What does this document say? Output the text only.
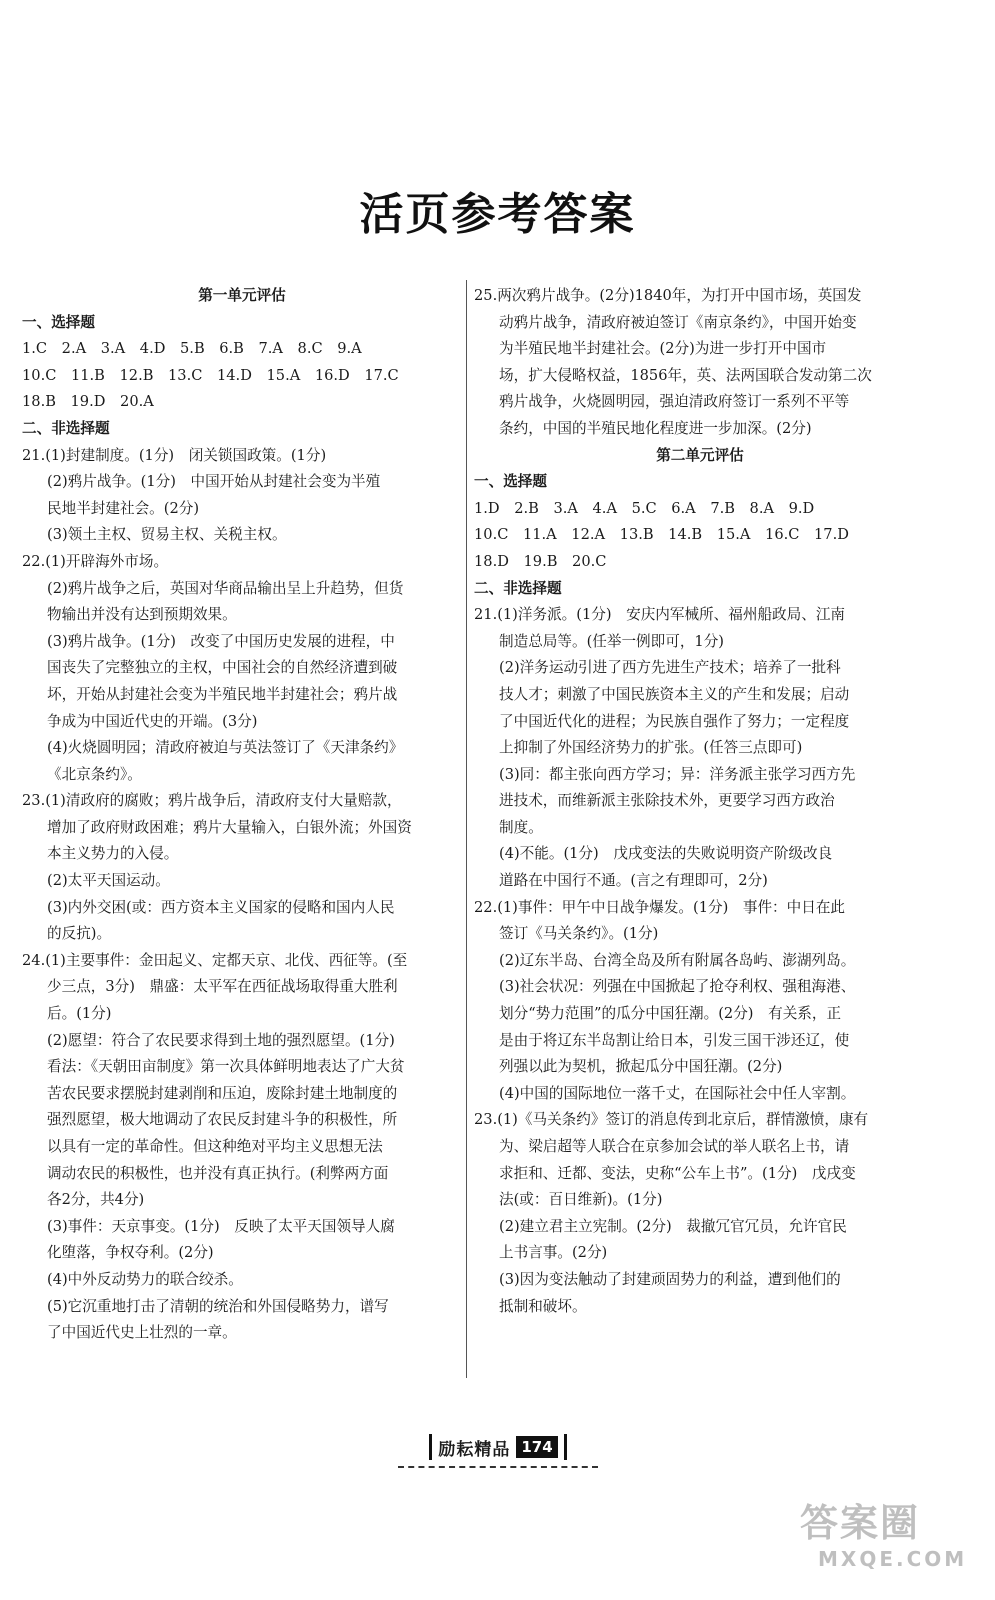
活页参考答案
第一单元评估
一、选择题
1.C　2.A　3.A　4.D　5.B　6.B　7.A　8.C　9.A
10.C　11.B　12.B　13.C　14.D　15.A　16.D　17.C
18.B　19.D　20.A
二、非选择题
21.(1)封建制度。(1分)　闭关锁国政策。(1分)
(2)鸦片战争。(1分)　中国开始从封建社会变为半殖
民地半封建社会。(2分)
(3)领土主权、贸易主权、关税主权。
22.(1)开辟海外市场。
(2)鸦片战争之后，英国对华商品输出呈上升趋势，但货
物输出并没有达到预期效果。
(3)鸦片战争。(1分)　改变了中国历史发展的进程，中
国丧失了完整独立的主权，中国社会的自然经济遭到破
坏，开始从封建社会变为半殖民地半封建社会；鸦片战
争成为中国近代史的开端。(3分)
(4)火烧圆明园；清政府被迫与英法签订了《天津条约》
《北京条约》。
23.(1)清政府的腐败；鸦片战争后，清政府支付大量赔款，
增加了政府财政困难；鸦片大量输入，白银外流；外国资
本主义势力的入侵。
(2)太平天国运动。
(3)内外交困(或：西方资本主义国家的侵略和国内人民
的反抗)。
24.(1)主要事件：金田起义、定都天京、北伐、西征等。(至
少三点，3分)　鼎盛：太平军在西征战场取得重大胜利
后。(1分)
(2)愿望：符合了农民要求得到土地的强烈愿望。(1分)
看法：《天朝田亩制度》第一次具体鲜明地表达了广大贫
苦农民要求摆脱封建剥削和压迫，废除封建土地制度的
强烈愿望，极大地调动了农民反封建斗争的积极性，所
以具有一定的革命性。但这种绝对平均主义思想无法
调动农民的积极性，也并没有真正执行。(利弊两方面
各2分，共4分)
(3)事件：天京事变。(1分)　反映了太平天国领导人腐
化堕落，争权夺利。(2分)
(4)中外反动势力的联合绞杀。
(5)它沉重地打击了清朝的统治和外国侵略势力，谱写
了中国近代史上壮烈的一章。
25.两次鸦片战争。(2分)1840年，为打开中国市场，英国发
动鸦片战争，清政府被迫签订《南京条约》，中国开始变
为半殖民地半封建社会。(2分)为进一步打开中国市
场，扩大侵略权益，1856年，英、法两国联合发动第二次
鸦片战争，火烧圆明园，强迫清政府签订一系列不平等
条约，中国的半殖民地化程度进一步加深。(2分)
第二单元评估
一、选择题
1.D　2.B　3.A　4.A　5.C　6.A　7.B　8.A　9.D
10.C　11.A　12.A　13.B　14.B　15.A　16.C　17.D
18.D　19.B　20.C
二、非选择题
21.(1)洋务派。(1分)　安庆内军械所、福州船政局、江南
制造总局等。(任举一例即可，1分)
(2)洋务运动引进了西方先进生产技术；培养了一批科
技人才；刺激了中国民族资本主义的产生和发展；启动
了中国近代化的进程；为民族自强作了努力；一定程度
上抑制了外国经济势力的扩张。(任答三点即可)
(3)同：都主张向西方学习；异：洋务派主张学习西方先
进技术，而维新派主张除技术外，更要学习西方政治
制度。
(4)不能。(1分)　戊戌变法的失败说明资产阶级改良
道路在中国行不通。(言之有理即可，2分)
22.(1)事件：甲午中日战争爆发。(1分)　事件：中日在此
签订《马关条约》。(1分)
(2)辽东半岛、台湾全岛及所有附属各岛屿、澎湖列岛。
(3)社会状况：列强在中国掀起了抢夺利权、强租海港、
划分“势力范围”的瓜分中国狂潮。(2分)　有关系，正
是由于将辽东半岛割让给日本，引发三国干涉还辽，使
列强以此为契机，掀起瓜分中国狂潮。(2分)
(4)中国的国际地位一落千丈，在国际社会中任人宰割。
23.(1)《马关条约》签订的消息传到北京后，群情激愤，康有
为、梁启超等人联合在京参加会试的举人联名上书，请
求拒和、迁都、变法，史称“公车上书”。(1分)　戊戌变
法(或：百日维新)。(1分)
(2)建立君主立宪制。(2分)　裁撤冗官冗员，允许官民
上书言事。(2分)
(3)因为变法触动了封建顽固势力的利益，遭到他们的
抵制和破坏。
励耘精品 174
答案圈
MXQE.COM
